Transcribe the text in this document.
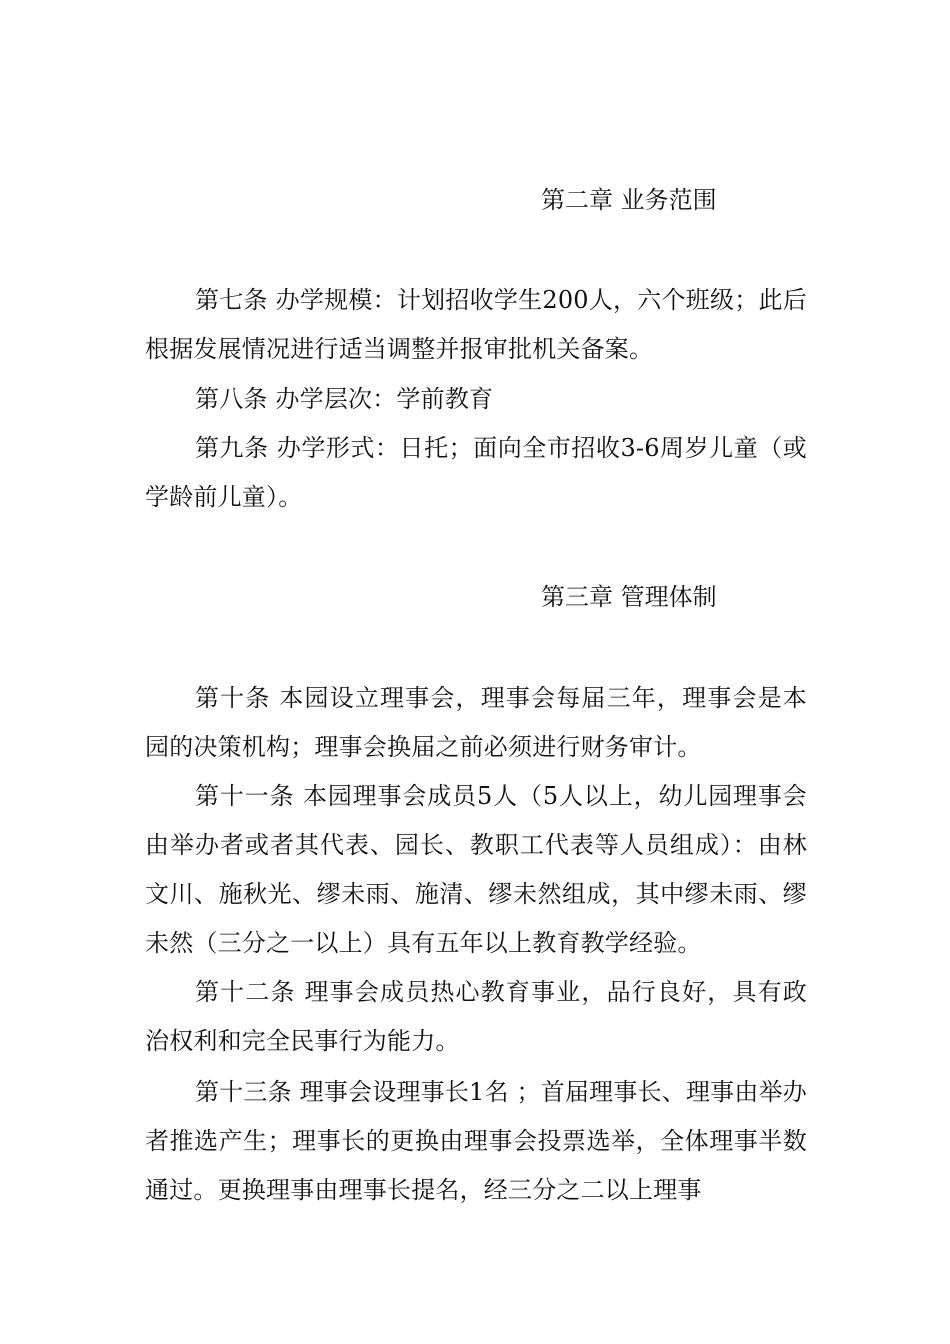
第二章 业务范围

第七条 办学规模：计划招收学生200人，六个班级；此后根据发展情况进行适当调整并报审批机关备案。

第八条 办学层次：学前教育

第九条 办学形式：日托；面向全市招收3-6周岁儿童（或学龄前儿童）。

第三章 管理体制

第十条 本园设立理事会，理事会每届三年，理事会是本园的决策机构；理事会换届之前必须进行财务审计。

第十一条 本园理事会成员5人（5人以上，幼儿园理事会由举办者或者其代表、园长、教职工代表等人员组成）：由林文川、施秋光、缪未雨、施清、缪未然组成，其中缪未雨、缪未然（三分之一以上）具有五年以上教育教学经验。

第十二条 理事会成员热心教育事业，品行良好，具有政治权利和完全民事行为能力。

第十三条 理事会设理事长1名 ；首届理事长、理事由举办者推选产生；理事长的更换由理事会投票选举，全体理事半数通过。更换理事由理事长提名，经三分之二以上理事
